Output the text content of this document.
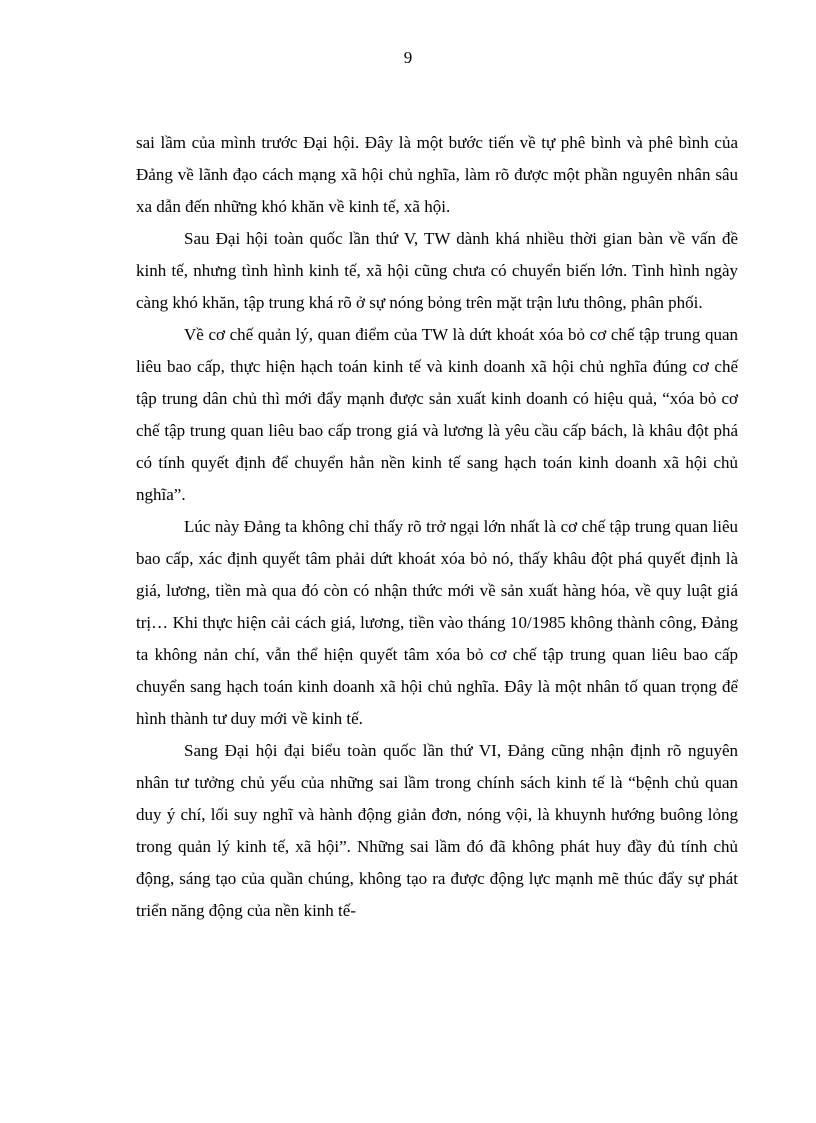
9

sai lầm của mình trước Đại hội. Đây là một bước tiến về tự phê bình và phê bình của Đảng về lãnh đạo cách mạng xã hội chủ nghĩa, làm rõ được một phần nguyên nhân sâu xa dẫn đến những khó khăn về kinh tế, xã hội.

Sau Đại hội toàn quốc lần thứ V, TW dành khá nhiều thời gian bàn về vấn đề kinh tế, nhưng tình hình kinh tế, xã hội cũng chưa có chuyển biến lớn. Tình hình ngày càng khó khăn, tập trung khá rõ ở sự nóng bỏng trên mặt trận lưu thông, phân phối.

Về cơ chế quản lý, quan điểm của TW là dứt khoát xóa bỏ cơ chế tập trung quan liêu bao cấp, thực hiện hạch toán kinh tế và kinh doanh xã hội chủ nghĩa đúng cơ chế tập trung dân chủ thì mới đẩy mạnh được sản xuất kinh doanh có hiệu quả, “xóa bỏ cơ chế tập trung quan liêu bao cấp trong giá và lương là yêu cầu cấp bách, là khâu đột phá có tính quyết định để chuyển hẳn nền kinh tế sang hạch toán kinh doanh xã hội chủ nghĩa”.

Lúc này Đảng ta không chỉ thấy rõ trở ngại lớn nhất là cơ chế tập trung quan liêu bao cấp, xác định quyết tâm phải dứt khoát xóa bỏ nó, thấy khâu đột phá quyết định là giá, lương, tiền mà qua đó còn có nhận thức mới về sản xuất hàng hóa, về quy luật giá trị… Khi thực hiện cải cách giá, lương, tiền vào tháng 10/1985 không thành công, Đảng ta không nản chí, vẫn thể hiện quyết tâm xóa bỏ cơ chế tập trung quan liêu bao cấp chuyển sang hạch toán kinh doanh xã hội chủ nghĩa. Đây là một nhân tố quan trọng để hình thành tư duy mới về kinh tế.

Sang Đại hội đại biểu toàn quốc lần thứ VI, Đảng cũng nhận định rõ nguyên nhân tư tưởng chủ yếu của những sai lầm trong chính sách kinh tế là “bệnh chủ quan duy ý chí, lối suy nghĩ và hành động giản đơn, nóng vội, là khuynh hướng buông lỏng trong quản lý kinh tế, xã hội”. Những sai lầm đó đã không phát huy đầy đủ tính chủ động, sáng tạo của quần chúng, không tạo ra được động lực mạnh mẽ thúc đẩy sự phát triển năng động của nền kinh tế-
